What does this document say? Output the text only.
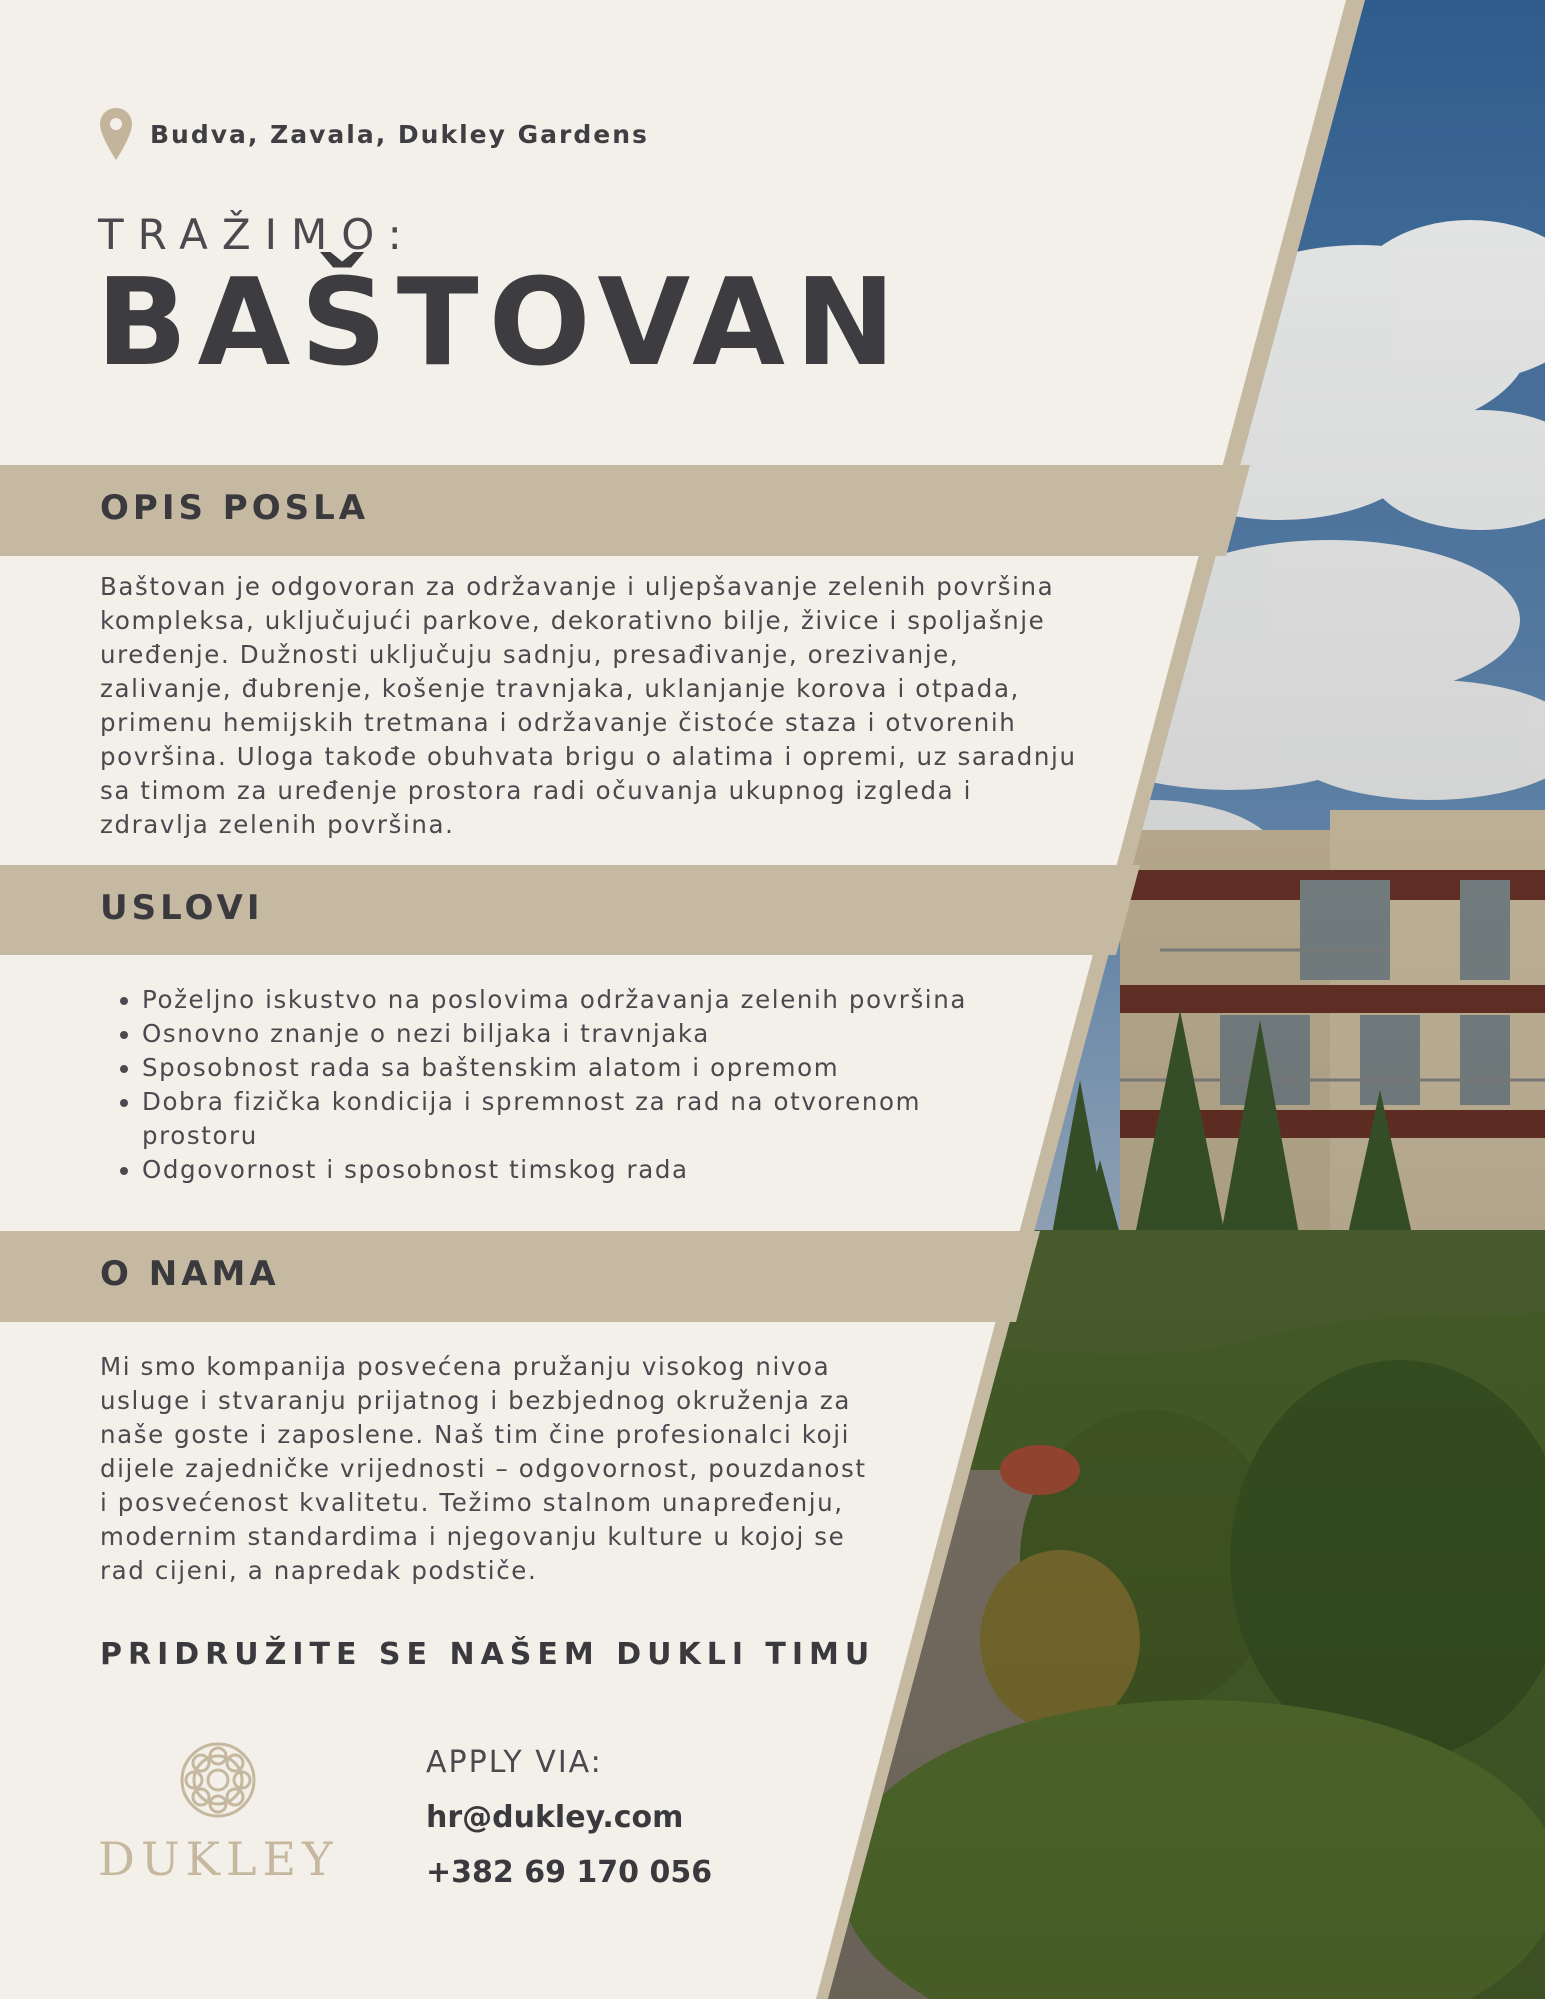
Budva, Zavala, Dukley Gardens
TRAŽIMO:
BAŠTOVAN
OPIS POSLA
USLOVI
O NAMA
Baštovan je odgovoran za održavanje i uljepšavanje zelenih površina
kompleksa, uključujući parkove, dekorativno bilje, živice i spoljašnje
uređenje. Dužnosti uključuju sadnju, presađivanje, orezivanje,
zalivanje, đubrenje, košenje travnjaka, uklanjanje korova i otpada,
primenu hemijskih tretmana i održavanje čistoće staza i otvorenih
površina. Uloga takođe obuhvata brigu o alatima i opremi, uz saradnju
sa timom za uređenje prostora radi očuvanja ukupnog izgleda i
zdravlja zelenih površina.
• Poželjno iskustvo na poslovima održavanja zelenih površina
• Osnovno znanje o nezi biljaka i travnjaka
• Sposobnost rada sa baštenskim alatom i opremom
• Dobra fizička kondicija i spremnost za rad na otvorenom prostoru
• Odgovornost i sposobnost timskog rada
Mi smo kompanija posvećena pružanju visokog nivoa
usluge i stvaranju prijatnog i bezbjednog okruženja za
naše goste i zaposlene. Naš tim čine profesionalci koji
dijele zajedničke vrijednosti – odgovornost, pouzdanost
i posvećenost kvalitetu. Težimo stalnom unapređenju,
modernim standardima i njegovanju kulture u kojoj se
rad cijeni, a napredak podstiče.
PRIDRUŽITE SE NAŠEM DUKLI TIMU
DUKLEY
APPLY VIA:
hr@dukley.com
+382 69 170 056
